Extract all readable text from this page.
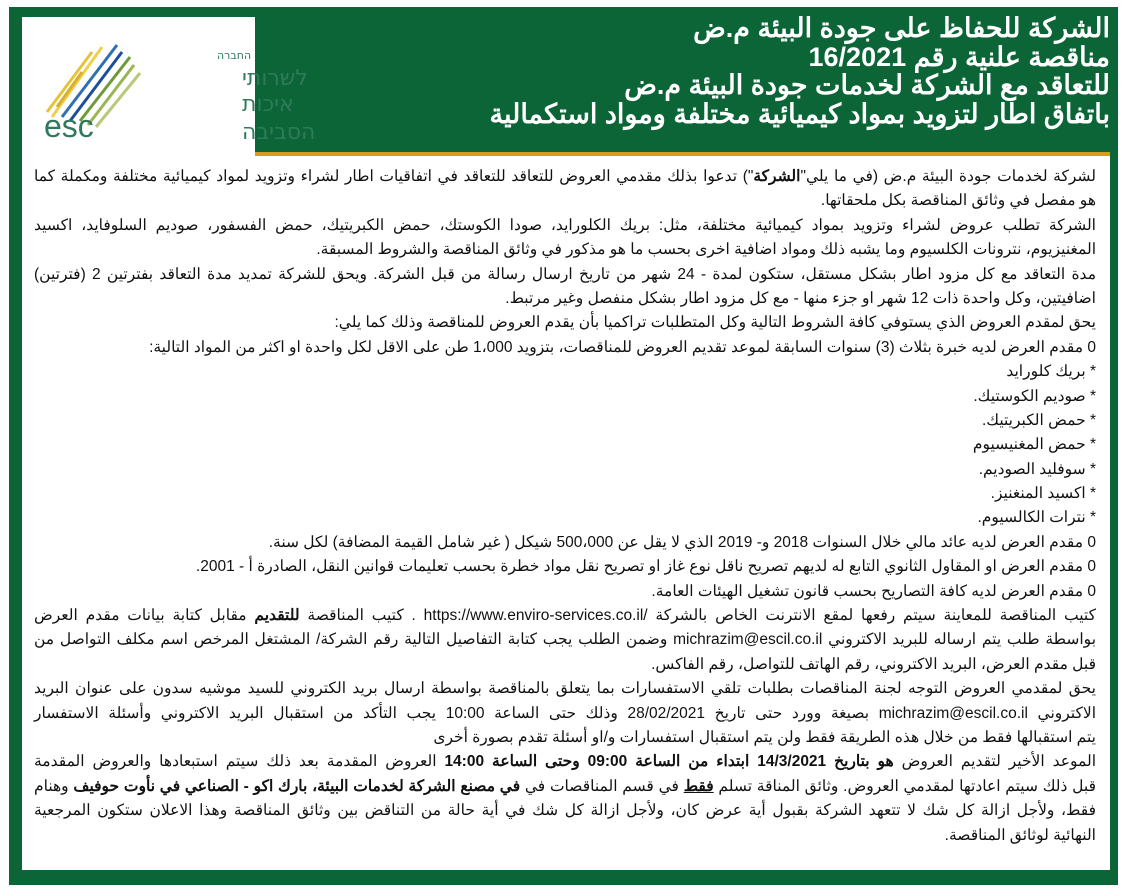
esc
החברה
לשרותי
איכות
הסביבה
الشركة للحفاظ على جودة البيئة م.ض
مناقصة علنية رقم 16/2021
للتعاقد مع الشركة لخدمات جودة البيئة م.ض
باتفاق اطار لتزويد بمواد كيميائية مختلفة ومواد استكمالية
لشركة لخدمات جودة البيئة م.ض (في ما يلي"الشركة") تدعوا بذلك مقدمي العروض للتعاقد للتعاقد في اتفاقيات اطار لشراء وتزويد لمواد كيميائية مختلفة ومكملة كما
هو مفصل في وثائق المناقصة بكل ملحقاتها.
الشركة تطلب عروض لشراء وتزويد بمواد كيميائية مختلفة، مثل: بريك الكلورايد، صودا الكوستك، حمض الكبريتيك، حمض الفسفور، صوديم السلوفايد، اكسيد
المغنيزيوم، نترونات الكلسيوم وما يشبه ذلك ومواد اضافية اخرى بحسب ما هو مذكور في وثائق المناقصة والشروط المسبقة.
مدة التعاقد مع كل مزود اطار بشكل مستقل، ستكون لمدة - 24 شهر من تاريخ ارسال رسالة من قبل الشركة. ويحق للشركة تمديد مدة التعاقد بفترتين 2 (فترتين)
اضافيتين، وكل واحدة ذات 12 شهر او جزء منها - مع كل مزود اطار بشكل منفصل وغير مرتبط.
يحق لمقدم العروض الذي يستوفي كافة الشروط التالية وكل المتطلبات تراكميا بأن يقدم العروض للمناقصة وذلك كما يلي:
0 مقدم العرض لديه خبرة بثلاث (3) سنوات السابقة لموعد تقديم العروض للمناقصات، بتزويد 1،000 طن على الاقل لكل واحدة او اكثر من المواد التالية:
* بريك كلورايد
* صوديم الكوستيك.
* حمض الكبريتيك.
* حمض المغنيسيوم
* سوفليد الصوديم.
* اكسيد المنغنيز.
* نترات الكالسيوم.
0 مقدم العرض لديه عائد مالي خلال السنوات 2018 و- 2019 الذي لا يقل عن 500،000 شيكل ( غير شامل القيمة المضافة) لكل سنة.
0 مقدم العرض او المقاول الثانوي التابع له لديهم تصريح ناقل نوع غاز او تصريح نقل مواد خطرة بحسب تعليمات قوانين النقل، الصادرة أ - 2001.
0 مقدم العرض لديه كافة التصاريح بحسب قانون تشغيل الهيئات العامة.
كتيب المناقصة للمعاينة سيتم رفعها لمقع الانترنت الخاص بالشركة /https://www.enviro-services.co.il . كتيب المناقصة للتقديم مقابل كتابة بيانات مقدم العرض
بواسطة طلب يتم ارساله للبريد الاكتروني michrazim@escil.co.il وضمن الطلب يجب كتابة التفاصيل التالية رقم الشركة/ المشتغل المرخص اسم مكلف التواصل من
قبل مقدم العرض، البريد الاكتروني، رقم الهاتف للتواصل، رقم الفاكس.
يحق لمقدمي العروض التوجه لجنة المناقصات بطلبات تلقي الاستفسارات بما يتعلق بالمناقصة بواسطة ارسال بريد الكتروني للسيد موشيه سدون على عنوان البريد
الاكتروني michrazim@escil.co.il بصيغة وورد حتى تاريخ 28/02/2021 وذلك حتى الساعة 10:00 يجب التأكد من استقبال البريد الاكتروني وأسئلة الاستفسار
يتم استقبالها فقط من خلال هذه الطريقة فقط ولن يتم استقبال استفسارات و/او أسئلة تقدم بصورة أخرى
الموعد الأخير لتقديم العروض هو بتاريخ 14/3/2021 ابتداء من الساعة 09:00 وحتى الساعة 14:00 العروض المقدمة بعد ذلك سيتم استبعادها والعروض المقدمة
قبل ذلك سيتم اعادتها لمقدمي العروض. وثائق المناقة تسلم فقط في قسم المناقصات في في مصنع الشركة لخدمات البيئة، بارك اكو - الصناعي في نأوت حوفيف وهنام
فقط، ولأجل ازالة كل شك لا تتعهد الشركة بقبول أية عرض كان، ولأجل ازالة كل شك في أية حالة من التناقض بين وثائق المناقصة وهذا الاعلان ستكون المرجعية
النهائية لوثائق المناقصة.
